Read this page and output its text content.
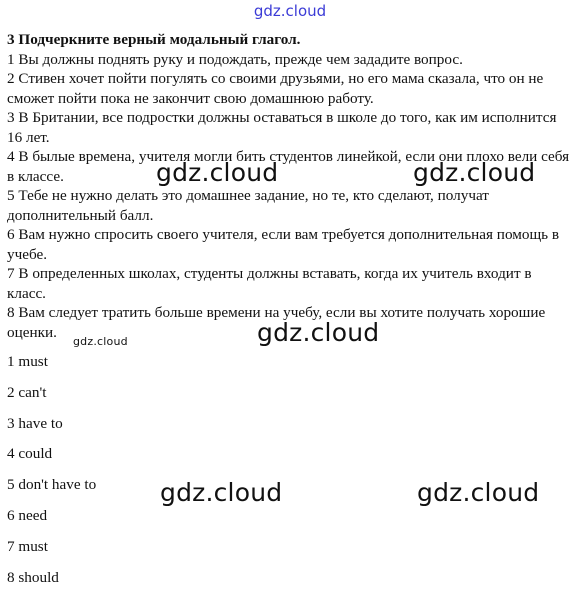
gdz.cloud
3 Подчеркните верный модальный глагол.
1 Вы должны поднять руку и подождать, прежде чем зададите вопрос.
2 Стивен хочет пойти погулять со своими друзьями, но его мама сказала, что он не сможет пойти пока не закончит свою домашнюю работу.
3 В Британии, все подростки должны оставаться в школе до того, как им исполнится 16 лет.
4 В былые времена, учителя могли бить студентов линейкой, если они плохо вели себя в классе.
5 Тебе не нужно делать это домашнее задание, но те, кто сделают, получат дополнительный балл.
6 Вам нужно спросить своего учителя, если вам требуется дополнительная помощь в учебе.
7 В определенных школах, студенты должны вставать, когда их учитель входит в класс.
8 Вам следует тратить больше времени на учебу, если вы хотите получать хорошие оценки.
1 must
2 can't
3 have to
4 could
5 don't have to
6 need
7 must
8 should
gdz.cloud	gdz.cloud
gdz.cloud
gdz.cloud
gdz.cloud	gdz.cloud
